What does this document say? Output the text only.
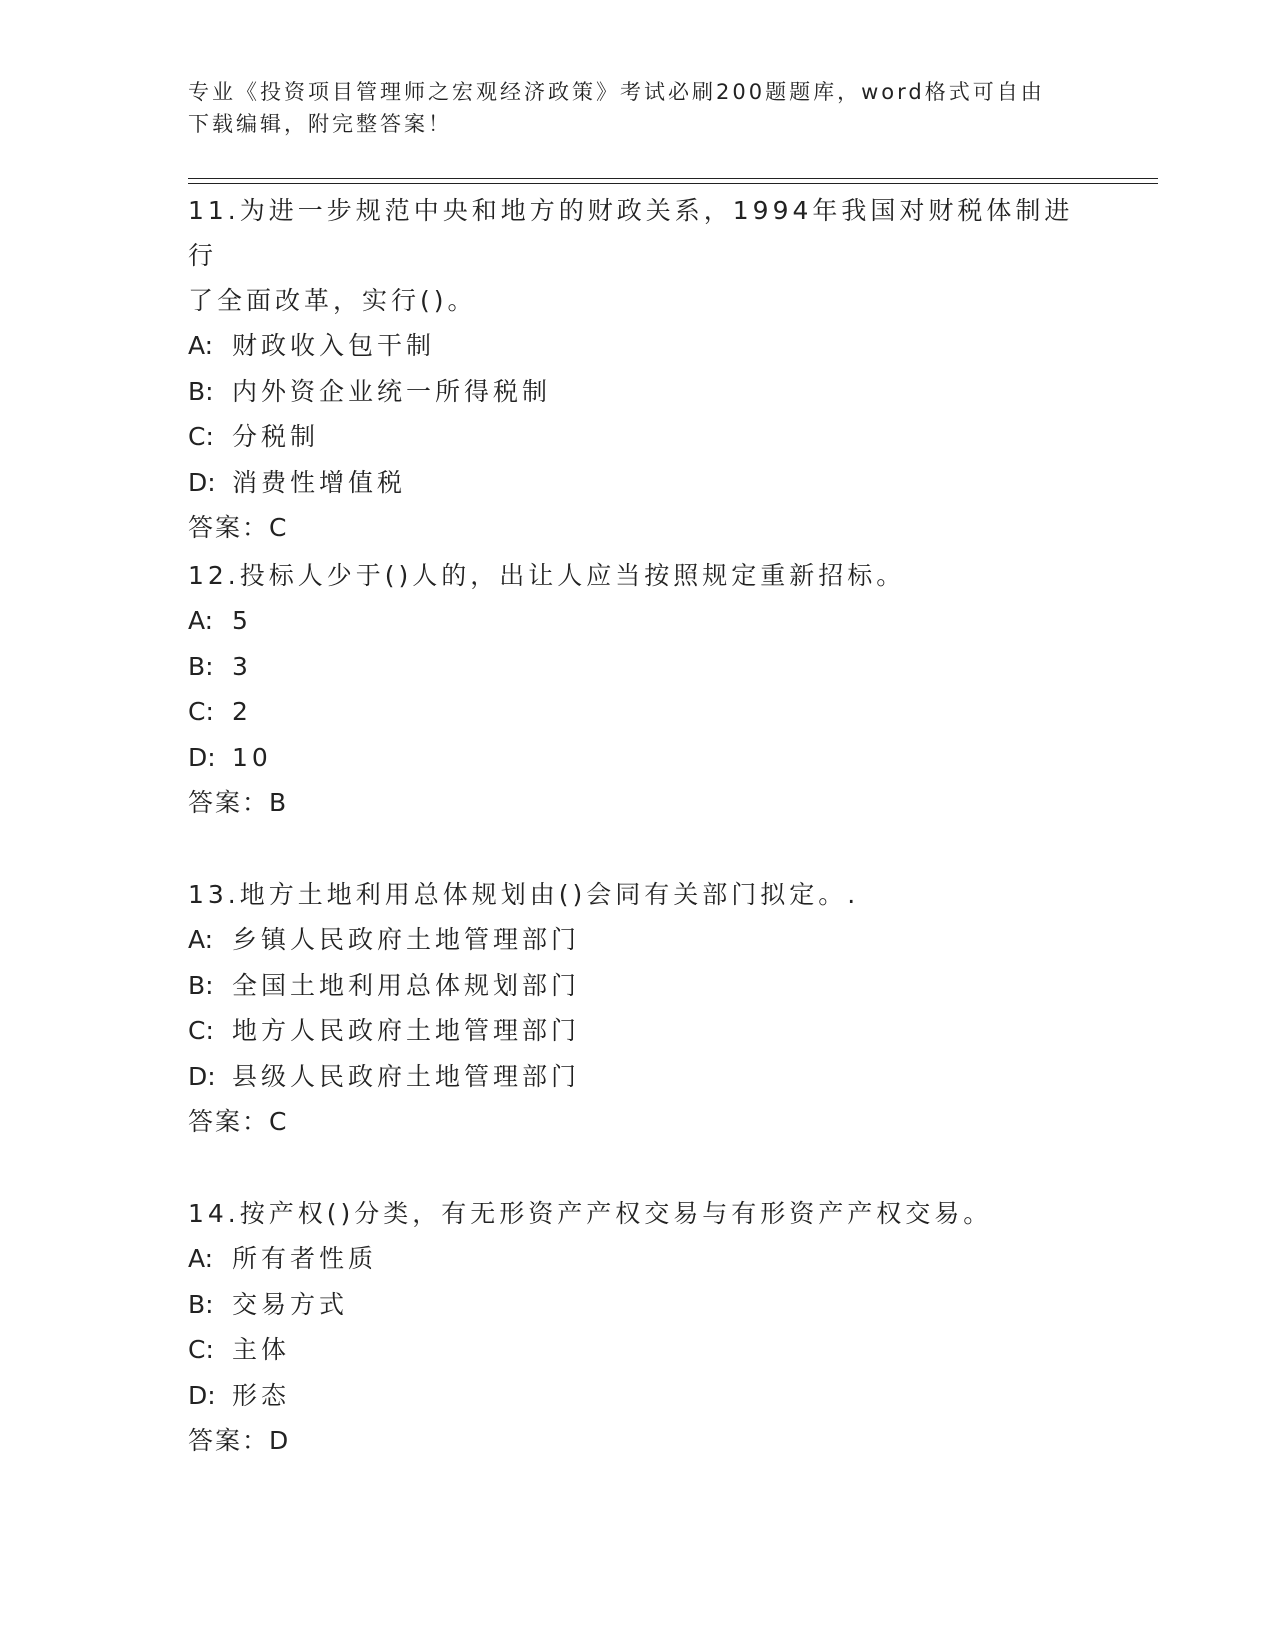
专业《投资项目管理师之宏观经济政策》考试必刷200题题库，word格式可自由
下载编辑，附完整答案！

11.为进一步规范中央和地方的财政关系，1994年我国对财税体制进行

了全面改革，实行()。

A: 财政收入包干制

B: 内外资企业统一所得税制

C: 分税制

D: 消费性增值税

答案：C

12.投标人少于()人的，出让人应当按照规定重新招标。

A: 5

B: 3

C: 2

D: 10

答案：B

13.地方土地利用总体规划由()会同有关部门拟定。.

A: 乡镇人民政府土地管理部门

B: 全国土地利用总体规划部门

C: 地方人民政府土地管理部门

D: 县级人民政府土地管理部门

答案：C

14.按产权()分类，有无形资产产权交易与有形资产产权交易。

A: 所有者性质

B: 交易方式

C: 主体

D: 形态

答案：D
